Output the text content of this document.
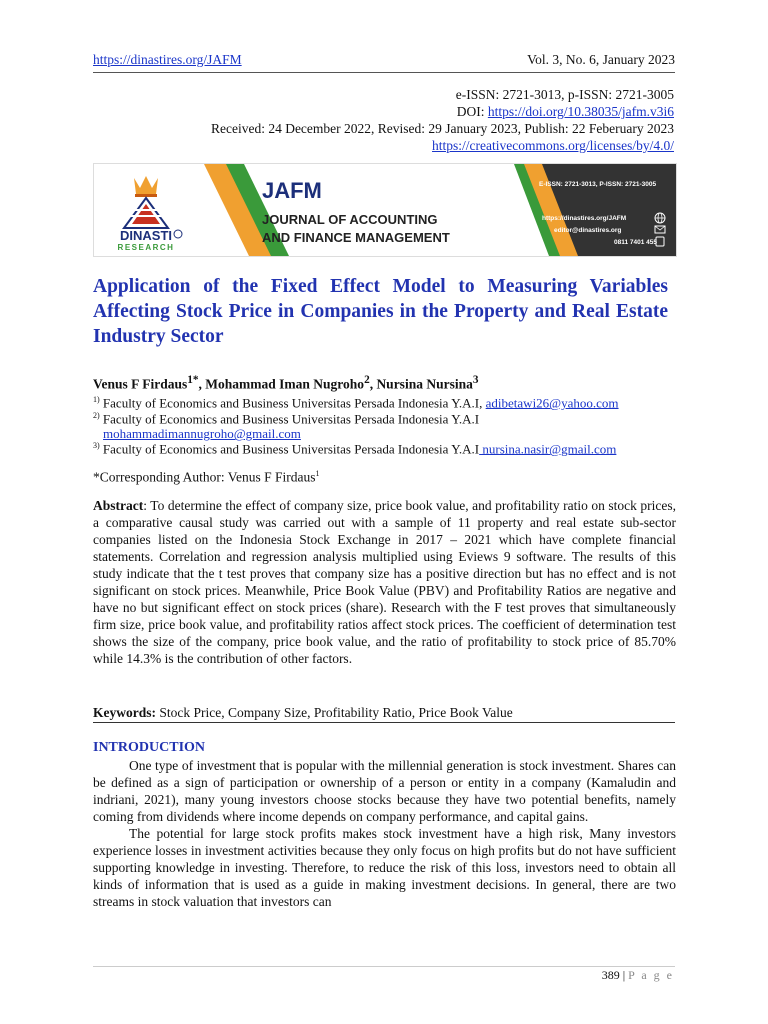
https://dinastires.org/JAFM	Vol. 3, No. 6, January 2023
e-ISSN: 2721-3013, p-ISSN: 2721-3005
DOI: https://doi.org/10.38035/jafm.v3i6
Received: 24 December 2022, Revised: 29 January 2023, Publish: 22 Feberuary 2023
https://creativecommons.org/licenses/by/4.0/
DINASTI
RESEARCH
JAFM
JOURNAL OF ACCOUNTING
AND FINANCE MANAGEMENT
E-ISSN: 2721-3013, P-ISSN: 2721-3005
https://dinastires.org/JAFM
editor@dinastires.org
0811 7401 455
Application of the Fixed Effect Model to Measuring Variables Affecting Stock Price in Companies in the Property and Real Estate Industry Sector
Venus F Firdaus$^{1*}$, Mohammad Iman Nugroho$^2$, Nursina Nursina$^3$
$^{1)}$ Faculty of Economics and Business Universitas Persada Indonesia Y.A.I, adibetawi26@yahoo.com
$^{2)}$ Faculty of Economics and Business Universitas Persada Indonesia Y.A.I
mohammadimannugroho@gmail.com
$^{3)}$ Faculty of Economics and Business Universitas Persada Indonesia Y.A.I nursina.nasir@gmail.com
*Corresponding Author: Venus F Firdaus$^1$
Abstract: To determine the effect of company size, price book value, and profitability ratio on stock prices, a comparative causal study was carried out with a sample of 11 property and real estate sub-sector companies listed on the Indonesia Stock Exchange in 2017 – 2021 which have complete financial statements. Correlation and regression analysis multiplied using Eviews 9 software. The results of this study indicate that the t test proves that company size has a positive direction but has no effect and is not significant on stock prices. Meanwhile, Price Book Value (PBV) and Profitability Ratios are negative and have no but significant effect on stock prices (share). Research with the F test proves that simultaneously firm size, price book value, and profitability ratios affect stock prices. The coefficient of determination test shows the size of the company, price book value, and the ratio of profitability to stock price of 85.70% while 14.3% is the contribution of other factors.
Keywords: Stock Price, Company Size, Profitability Ratio, Price Book Value
INTRODUCTION

One type of investment that is popular with the millennial generation is stock investment. Shares can be defined as a sign of participation or ownership of a person or entity in a company (Kamaludin and indriani, 2021), many young investors choose stocks because they have two potential benefits, namely coming from dividends where income depends on company performance, and capital gains.

The potential for large stock profits makes stock investment have a high risk, Many investors experience losses in investment activities because they only focus on high profits but do not have sufficient supporting knowledge in investing. Therefore, to reduce the risk of this loss, investors need to obtain all kinds of information that is used as a guide in making investment decisions. In general, there are two streams in stock valuation that investors can

389 | P a g e
